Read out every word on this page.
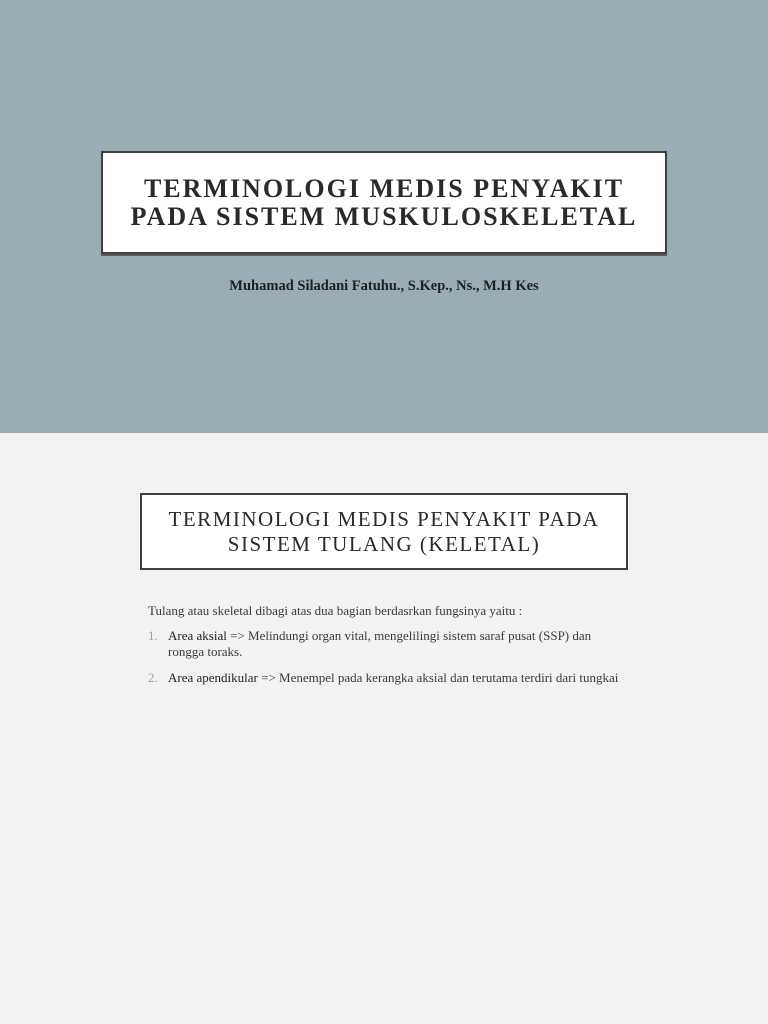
TERMINOLOGI MEDIS PENYAKIT PADA SISTEM MUSKULOSKELETAL

Muhamad Siladani Fatuhu., S.Kep., Ns., M.H Kes

TERMINOLOGI MEDIS PENYAKIT PADA SISTEM TULANG (KELETAL)

Tulang atau skeletal dibagi atas dua bagian berdasrkan fungsinya yaitu :

1. Area aksial => Melindungi organ vital, mengelilingi sistem saraf pusat (SSP) dan rongga toraks.
2. Area apendikular => Menempel pada kerangka aksial dan terutama terdiri dari tungkai
